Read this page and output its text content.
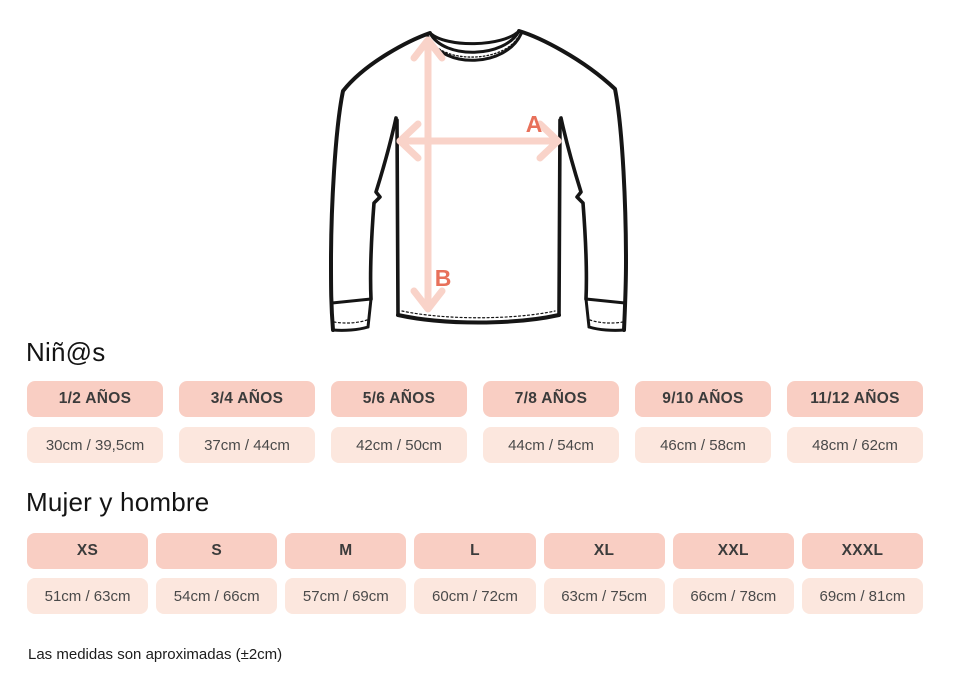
A
B
Niñ@s
1/2 AÑOS	3/4 AÑOS	5/6 AÑOS	7/8 AÑOS	9/10 AÑOS	11/12 AÑOS
30cm / 39,5cm	37cm / 44cm	42cm / 50cm	44cm / 54cm	46cm / 58cm	48cm / 62cm
Mujer y hombre
XS	S	M	L	XL	XXL	XXXL
51cm / 63cm	54cm / 66cm	57cm / 69cm	60cm / 72cm	63cm / 75cm	66cm / 78cm	69cm / 81cm

Las medidas son aproximadas (±2cm)
